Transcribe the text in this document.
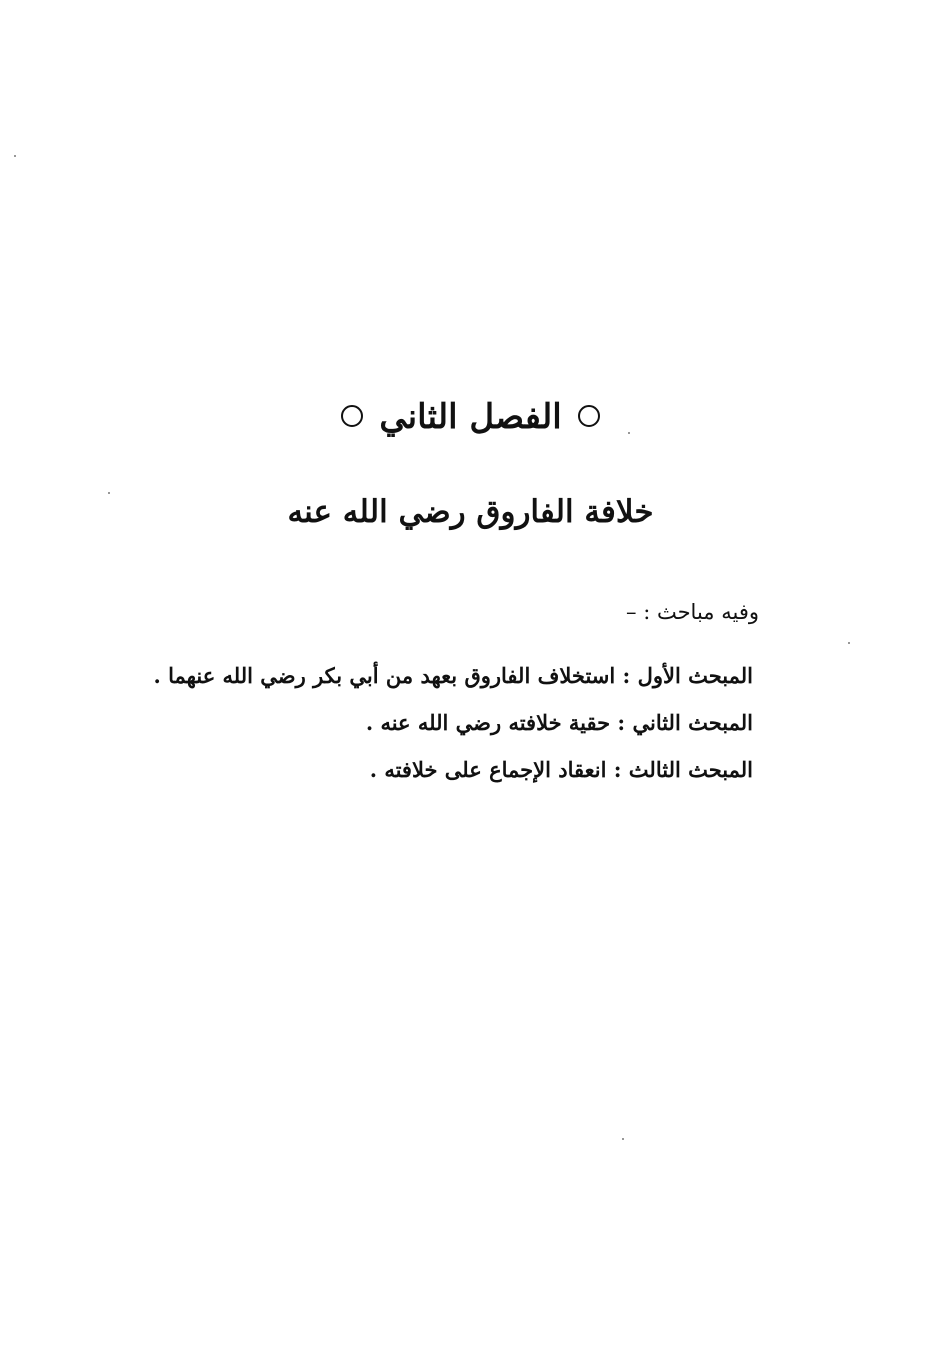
الفصل الثاني
خلافة الفاروق رضي الله عنه
وفيه مباحث : –
المبحث الأول : استخلاف الفاروق بعهد من أبي بكر رضي الله عنهما .
المبحث الثاني : حقية خلافته رضي الله عنه .
المبحث الثالث : انعقاد الإجماع على خلافته .
